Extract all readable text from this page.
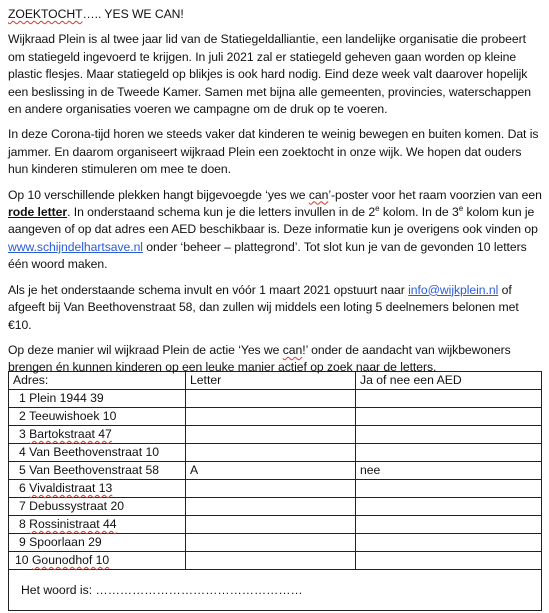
ZOEKTOCHT….. YES WE CAN!

Wijkraad Plein is al twee jaar lid van de Statiegeldalliantie, een landelijke organisatie die probeert om statiegeld ingevoerd te krijgen. In juli 2021 zal er statiegeld geheven gaan worden op kleine plastic flesjes. Maar statiegeld op blikjes is ook hard nodig. Eind deze week valt daarover hopelijk een beslissing in de Tweede Kamer. Samen met bijna alle gemeenten, provincies, waterschappen en andere organisaties voeren we campagne om de druk op te voeren.

In deze Corona-tijd horen we steeds vaker dat kinderen te weinig bewegen en buiten komen. Dat is jammer. En daarom organiseert wijkraad Plein een zoektocht in onze wijk. We hopen dat ouders hun kinderen stimuleren om mee te doen.

Op 10 verschillende plekken hangt bijgevoegde ‘yes we can’-poster voor het raam voorzien van een rode letter. In onderstaand schema kun je die letters invullen in de 2e kolom. In de 3e kolom kun je aangeven of op dat adres een AED beschikbaar is. Deze informatie kun je overigens ook vinden op www.schijndelhartsave.nl onder ‘beheer – plattegrond’. Tot slot kun je van de gevonden 10 letters één woord maken.

Als je het onderstaande schema invult en vóór 1 maart 2021 opstuurt naar info@wijkplein.nl of afgeeft bij Van Beethovenstraat 58, dan zullen wij middels een loting 5 deelnemers belonen met €10.

Op deze manier wil wijkraad Plein de actie ‘Yes we can!’ onder de aandacht van wijkbewoners brengen én kunnen kinderen op een leuke manier actief op zoek naar de letters.

Adres:	Letter	Ja of nee een AED
1 Plein 1944 39		
2 Teeuwishoek 10		
3 Bartokstraat 47		
4 Van Beethovenstraat 10		
5 Van Beethovenstraat 58	A	nee
6 Vivaldistraat 13		
7 Debussystraat 20		
8 Rossinistraat 44		
9 Spoorlaan 29		
10 Gounodhof 10		
Het woord is: ……………………………………………		
